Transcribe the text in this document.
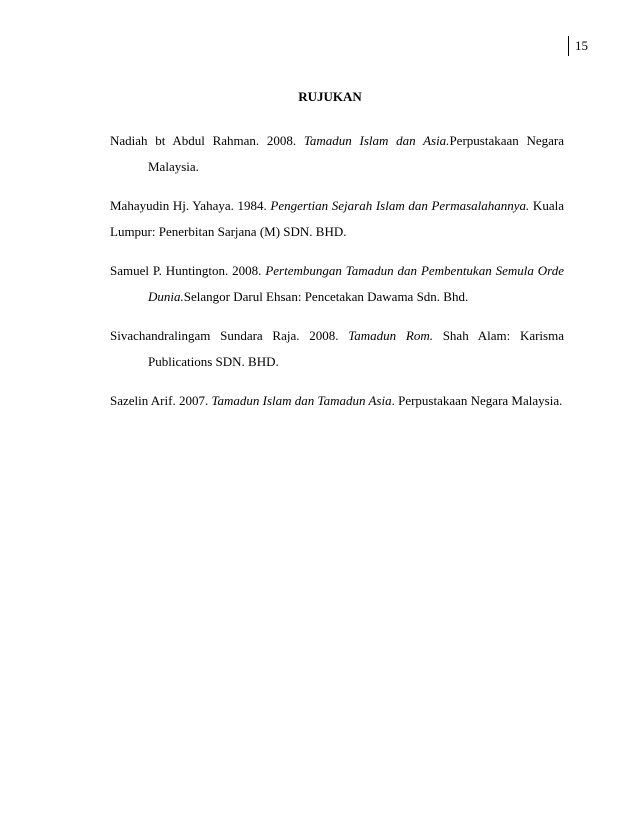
15
RUJUKAN
Nadiah bt Abdul Rahman. 2008. Tamadun Islam dan Asia.Perpustakaan Negara Malaysia.
Mahayudin Hj. Yahaya. 1984. Pengertian Sejarah Islam dan Permasalahannya. Kuala Lumpur: Penerbitan Sarjana (M) SDN. BHD.
Samuel P. Huntington. 2008. Pertembungan Tamadun dan Pembentukan Semula Orde Dunia.Selangor Darul Ehsan: Pencetakan Dawama Sdn. Bhd.
Sivachandralingam Sundara Raja. 2008. Tamadun Rom. Shah Alam: Karisma Publications SDN. BHD.
Sazelin Arif. 2007. Tamadun Islam dan Tamadun Asia. Perpustakaan Negara Malaysia.
